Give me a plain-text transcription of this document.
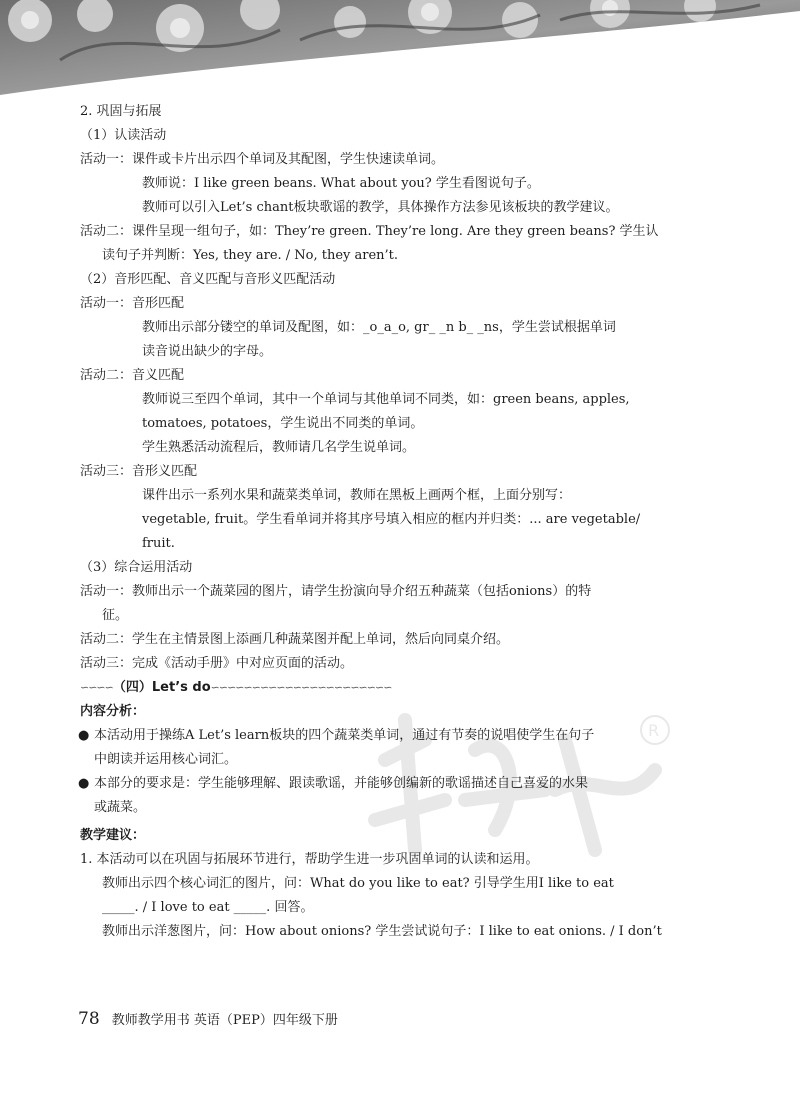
R
2. 巩固与拓展
（1）认读活动
活动一：课件或卡片出示四个单词及其配图，学生快速读单词。
教师说：I like green beans. What about you? 学生看图说句子。
教师可以引入Let’s chant板块歌谣的教学，具体操作方法参见该板块的教学建议。
活动二：课件呈现一组句子，如：They’re green. They’re long. Are they green beans? 学生认
读句子并判断：Yes, they are. / No, they aren’t.
（2）音形匹配、音义匹配与音形义匹配活动
活动一：音形匹配
教师出示部分镂空的单词及配图，如：_o_a_o, gr_ _n b_ _ns，学生尝试根据单词
读音说出缺少的字母。
活动二：音义匹配
教师说三至四个单词，其中一个单词与其他单词不同类，如：green beans, apples,
tomatoes, potatoes，学生说出不同类的单词。
学生熟悉活动流程后，教师请几名学生说单词。
活动三：音形义匹配
课件出示一系列水果和蔬菜类单词，教师在黑板上画两个框，上面分别写：
vegetable, fruit。学生看单词并将其序号填入相应的框内并归类：... are vegetable/
fruit.
（3）综合运用活动
活动一：教师出示一个蔬菜园的图片，请学生扮演向导介绍五种蔬菜（包括onions）的特
征。
活动二：学生在主情景图上添画几种蔬菜图并配上单词，然后向同桌介绍。
活动三：完成《活动手册》中对应页面的活动。
∽∽∽∽（四）Let’s do∽∽∽∽∽∽∽∽∽∽∽∽∽∽∽∽∽∽∽∽∽∽
内容分析：
● 本活动用于操练A Let’s learn板块的四个蔬菜类单词，通过有节奏的说唱使学生在句子
中朗读并运用核心词汇。
● 本部分的要求是：学生能够理解、跟读歌谣，并能够创编新的歌谣描述自己喜爱的水果
或蔬菜。
教学建议：
1. 本活动可以在巩固与拓展环节进行，帮助学生进一步巩固单词的认读和运用。
教师出示四个核心词汇的图片，问：What do you like to eat? 引导学生用I like to eat
_____. / I love to eat _____. 回答。
教师出示洋葱图片，问：How about onions? 学生尝试说句子：I like to eat onions. / I don’t
78 教师教学用书 英语（PEP）四年级下册
